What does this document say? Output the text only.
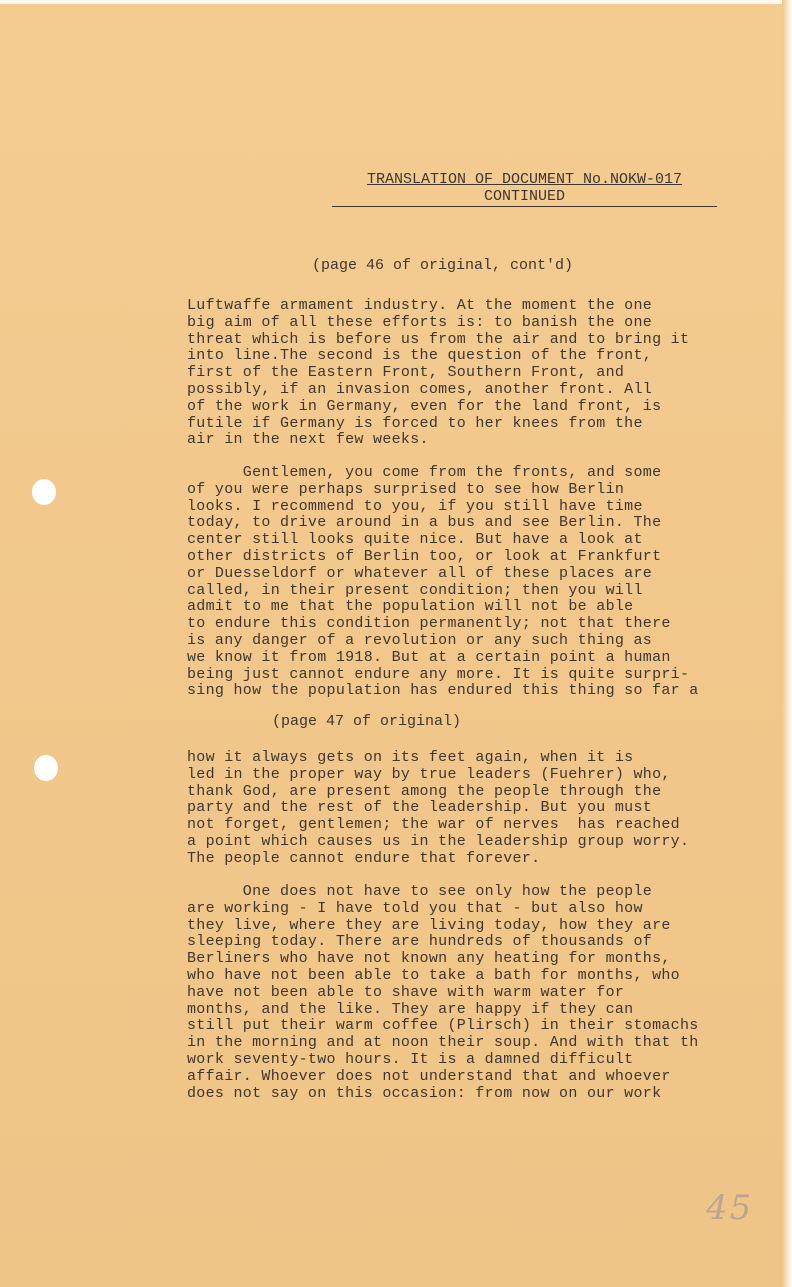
TRANSLATION OF DOCUMENT No.NOKW-017
CONTINUED
(page 46 of original, cont'd)
Luftwaffe armament industry. At the moment the one
big aim of all these efforts is: to banish the one
threat which is before us from the air and to bring it
into line.The second is the question of the front,
first of the Eastern Front, Southern Front, and
possibly, if an invasion comes, another front. All
of the work in Germany, even for the land front, is
futile if Germany is forced to her knees from the
air in the next few weeks.
Gentlemen, you come from the fronts, and some
of you were perhaps surprised to see how Berlin
looks. I recommend to you, if you still have time
today, to drive around in a bus and see Berlin. The
center still looks quite nice. But have a look at
other districts of Berlin too, or look at Frankfurt
or Duesseldorf or whatever all of these places are
called, in their present condition; then you will
admit to me that the population will not be able
to endure this condition permanently; not that there
is any danger of a revolution or any such thing as
we know it from 1918. But at a certain point a human
being just cannot endure any more. It is quite surpri-
sing how the population has endured this thing so far a
(page 47 of original)
how it always gets on its feet again, when it is
led in the proper way by true leaders (Fuehrer) who,
thank God, are present among the people through the
party and the rest of the leadership. But you must
not forget, gentlemen; the war of nerves  has reached
a point which causes us in the leadership group worry.
The people cannot endure that forever.
One does not have to see only how the people
are working - I have told you that - but also how
they live, where they are living today, how they are
sleeping today. There are hundreds of thousands of
Berliners who have not known any heating for months,
who have not been able to take a bath for months, who
have not been able to shave with warm water for
months, and the like. They are happy if they can
still put their warm coffee (Plirsch) in their stomachs
in the morning and at noon their soup. And with that th
work seventy-two hours. It is a damned difficult
affair. Whoever does not understand that and whoever
does not say on this occasion: from now on our work
45
